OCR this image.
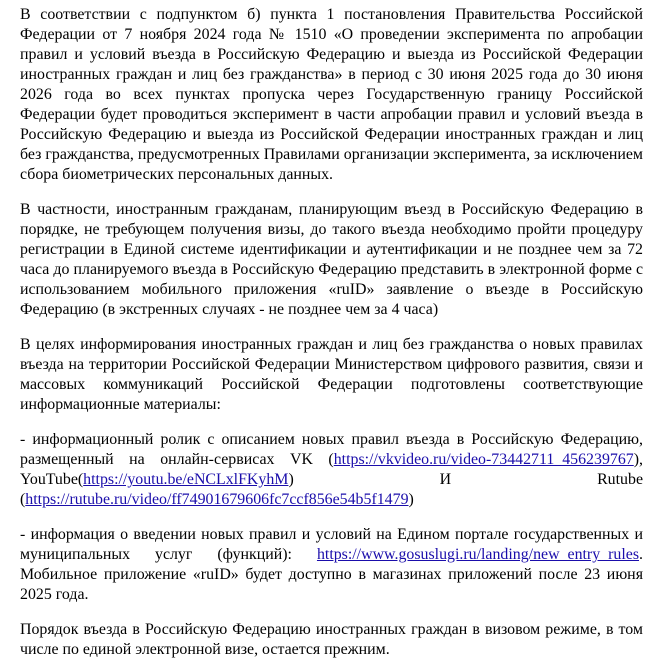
В соответствии с подпунктом б) пункта 1 постановления Правительства Российской Федерации от 7 ноября 2024 года № 1510 «О проведении эксперимента по апробации правил и условий въезда в Российскую Федерацию и выезда из Российской Федерации иностранных граждан и лиц без гражданства» в период с 30 июня 2025 года до 30 июня 2026 года во всех пунктах пропуска через Государственную границу Российской Федерации будет проводиться эксперимент в части апробации правил и условий въезда в Российскую Федерацию и выезда из Российской Федерации иностранных граждан и лиц без гражданства, предусмотренных Правилами организации эксперимента, за исключением сбора биометрических персональных данных.

В частности, иностранным гражданам, планирующим въезд в Российскую Федерацию в порядке, не требующем получения визы, до такого въезда необходимо пройти процедуру регистрации в Единой системе идентификации и аутентификации и не позднее чем за 72 часа до планируемого въезда в Российскую Федерацию представить в электронной форме с использованием мобильного приложения «ruID» заявление о въезде в Российскую Федерацию (в экстренных случаях - не позднее чем за 4 часа)

В целях информирования иностранных граждан и лиц без гражданства о новых правилах въезда на территории Российской Федерации Министерством цифрового развития, связи и массовых коммуникаций Российской Федерации подготовлены соответствующие информационные материалы:

- информационный ролик с описанием новых правил въезда в Российскую Федерацию, размещенный на онлайн-сервисах VK (https://vkvideo.ru/video-73442711_456239767), YouTube(https://youtu.be/eNCLxlFKyhM) И Rutube (https://rutube.ru/video/ff74901679606fc7ccf856e54b5f1479)

- информация о введении новых правил и условий на Едином портале государственных и муниципальных услуг (функций): https://www.gosuslugi.ru/landing/new_entry_rules. Мобильное приложение «ruID» будет доступно в магазинах приложений после 23 июня 2025 года.

Порядок въезда в Российскую Федерацию иностранных граждан в визовом режиме, в том числе по единой электронной визе, остается прежним.
